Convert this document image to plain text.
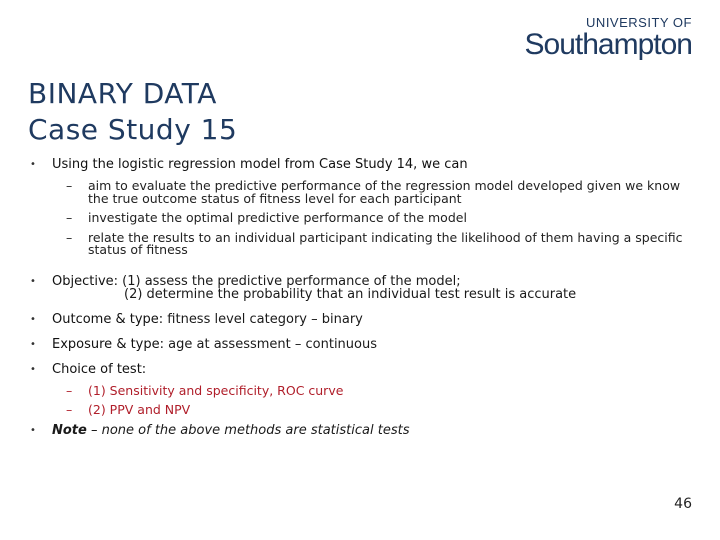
UNIVERSITY OF
Southampton
BINARY DATA
Case Study 15
• Using the logistic regression model from Case Study 14, we can
– aim to evaluate the predictive performance of the regression model developed given we know the true outcome status of fitness level for each participant
– investigate the optimal predictive performance of the model
– relate the results to an individual participant indicating the likelihood of them having a specific status of fitness
• Objective: (1) assess the predictive performance of the model;
(2) determine the probability that an individual test result is accurate
• Outcome & type: fitness level category – binary
• Exposure & type: age at assessment – continuous
• Choice of test:
– (1) Sensitivity and specificity, ROC curve
– (2) PPV and NPV
• Note – none of the above methods are statistical tests
46
